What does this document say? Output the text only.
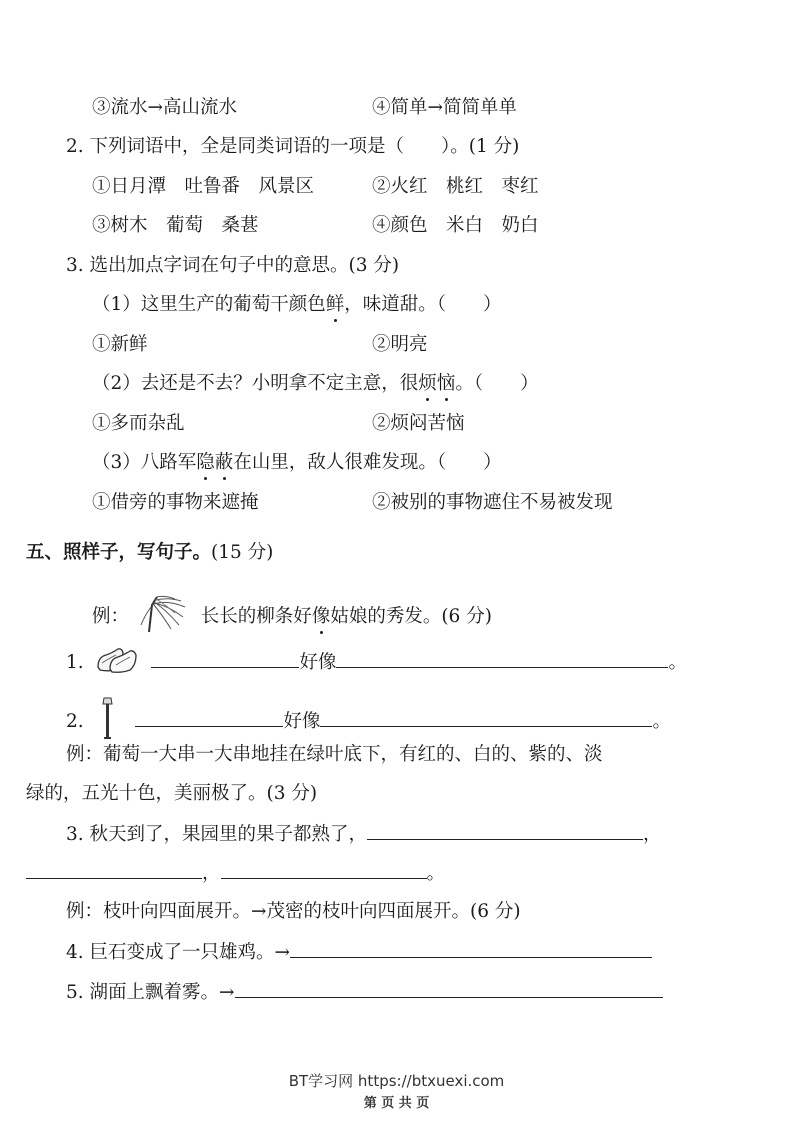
③流水→高山流水	④简单→简简单单
2. 下列词语中，全是同类词语的一项是（　　）。(1 分)
①日月潭　吐鲁番　风景区	②火红　桃红　枣红
③树木　葡萄　桑葚	④颜色　米白　奶白
3. 选出加点字词在句子中的意思。(3 分)
（1）这里生产的葡萄干颜色鲜，味道甜。（　　）
①新鲜	②明亮
（2）去还是不去？小明拿不定主意，很烦恼。（　　）
①多而杂乱	②烦闷苦恼
（3）八路军隐蔽在山里，敌人很难发现。（　　）
①借旁的事物来遮掩	②被别的事物遮住不易被发现
五、照样子，写句子。(15 分)
例：	长长的柳条好像姑娘的秀发。(6 分)
1.	好像	。
2.	好像	。
例：葡萄一大串一大串地挂在绿叶底下，有红的、白的、紫的、淡
绿的，五光十色，美丽极了。(3 分)
3. 秋天到了，果园里的果子都熟了，	，
，	。
例：枝叶向四面展开。→茂密的枝叶向四面展开。(6 分)
4. 巨石变成了一只雄鸡。→
5. 湖面上飘着雾。→
BT学习网 https://btxuexi.com
第 页 共 页
